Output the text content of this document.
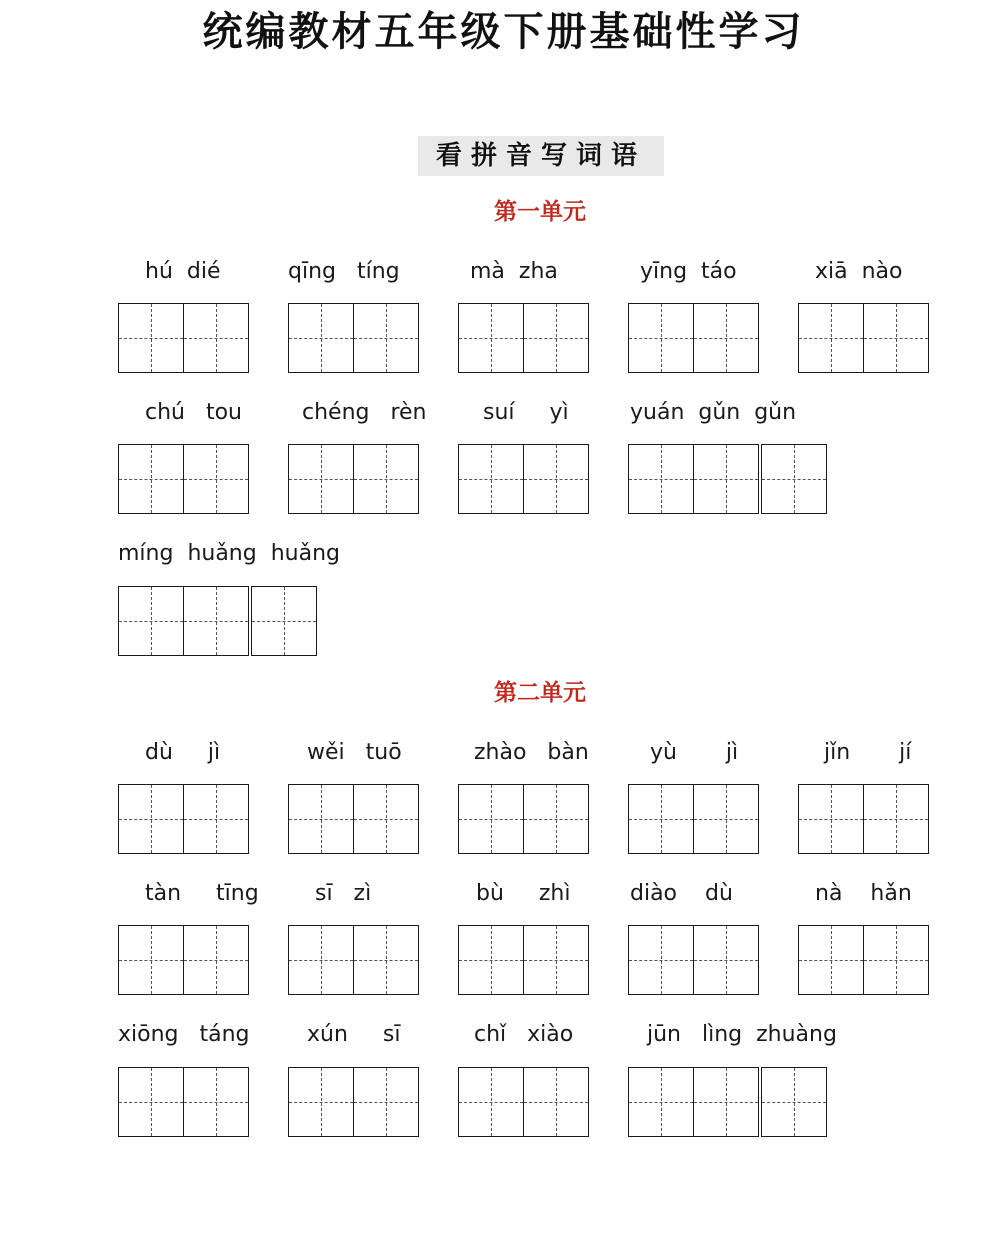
统编教材五年级下册基础性学习
看拼音写词语
第一单元
第二单元
hú  dié	qīng   tíng	mà  zha	yīng  táo	xiā  nào
chú   tou	chéng   rèn	suí     yì	yuán  gǔn  gǔn
míng  huǎng  huǎng
dù     jì	wěi   tuō	zhào   bàn	yù       jì	jǐn       jí
tàn     tīng	sī   zì	bù     zhì	diào    dù	nà    hǎn
xiōng   táng	xún     sī	chǐ   xiào	jūn   lìng  zhuàng
